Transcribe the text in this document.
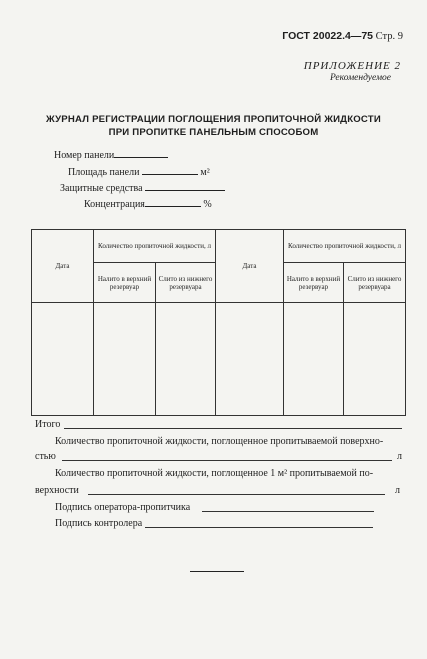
ГОСТ 20022.4—75 Стр. 9
ПРИЛОЖЕНИЕ 2
Рекомендуемое
ЖУРНАЛ РЕГИСТРАЦИИ ПОГЛОЩЕНИЯ ПРОПИТОЧНОЙ ЖИДКОСТИ
ПРИ ПРОПИТКЕ ПАНЕЛЬНЫМ СПОСОБОМ
Номер панели
Площадь панели	м²
Защитные средства
Концентрация	%
Дата	Количество пропиточной жидкости, л		Дата	Количество пропиточной жидкости, л	
	Налито в верхний резервуар	Слито из нижнего резервуара		Налито в верхний резервуар	Слито из нижнего резервуара

Итого
Количество пропиточной жидкости, поглощенное пропитываемой поверхно-
стью	л
Количество пропиточной жидкости, поглощенное 1 м² пропитываемой по-
верхности	л
Подпись оператора-пропитчика
Подпись контролера
